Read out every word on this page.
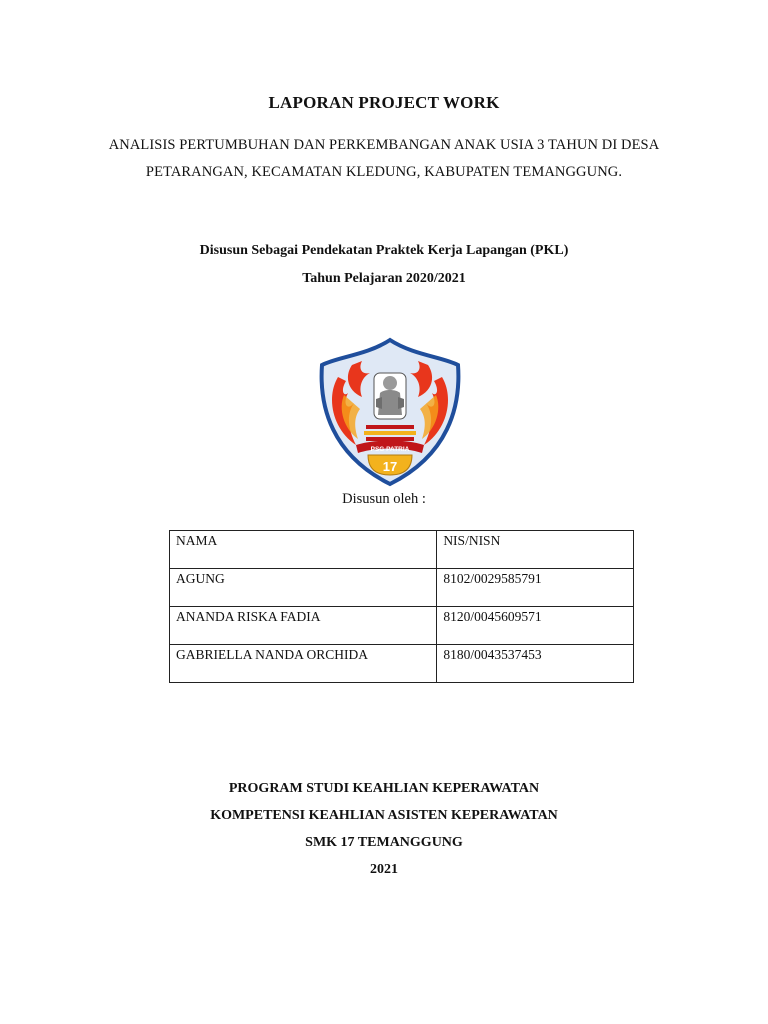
LAPORAN PROJECT WORK
ANALISIS PERTUMBUHAN DAN PERKEMBANGAN ANAK USIA 3 TAHUN DI DESA
PETARANGAN, KECAMATAN KLEDUNG, KABUPATEN TEMANGGUNG.
Disusun Sebagai Pendekatan Praktek Kerja Lapangan (PKL)
Tahun Pelajaran 2020/2021
PSG PATRIA
17
Disusun oleh :
NAMA	NIS/NISN
AGUNG	8102/0029585791
ANANDA RISKA FADIA	8120/0045609571
GABRIELLA NANDA ORCHIDA	8180/0043537453
PROGRAM STUDI KEAHLIAN KEPERAWATAN
KOMPETENSI KEAHLIAN ASISTEN KEPERAWATAN
SMK 17 TEMANGGUNG
2021
